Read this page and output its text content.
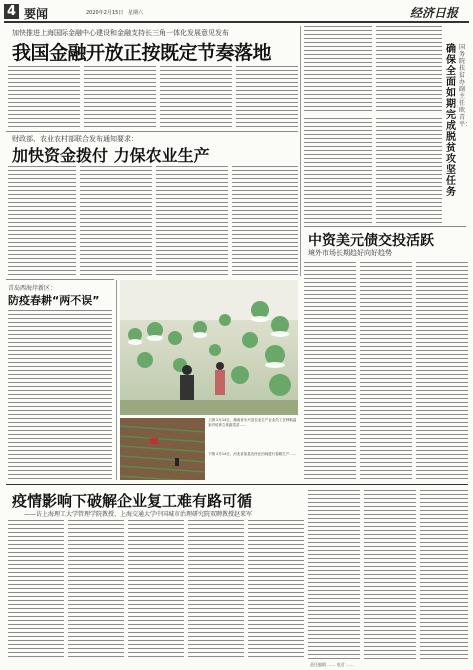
4 要闻	2020年2月15日 星期六	经济日报
加快推进上海国际金融中心建设和金融支持长三角一体化发展意见发布
我国金融开放正按既定节奏落地
财政部、农业农村部联合发布通知要求：
加快资金拨付 力保农业生产
青岛西海岸新区：
防疫春耕“两不误”
上图 2月14日，湖南省永兴县农业生产企业员工在种植温室内培育立体蔬菜苗……
下图 2月14日，河北省某县农民在田间进行春耕生产……
确保全面如期完成脱贫攻坚任务
国务院扶贫办副主任欧青平：
中资美元债交投活跃
境外市场长期趋好向好趋势
疫情影响下破解企业复工难有路可循
——访上海理工大学管理学院教授、上海交通大学中国城市治理研究院双聘教授赵来军
责任编辑 …… 电话 ……
